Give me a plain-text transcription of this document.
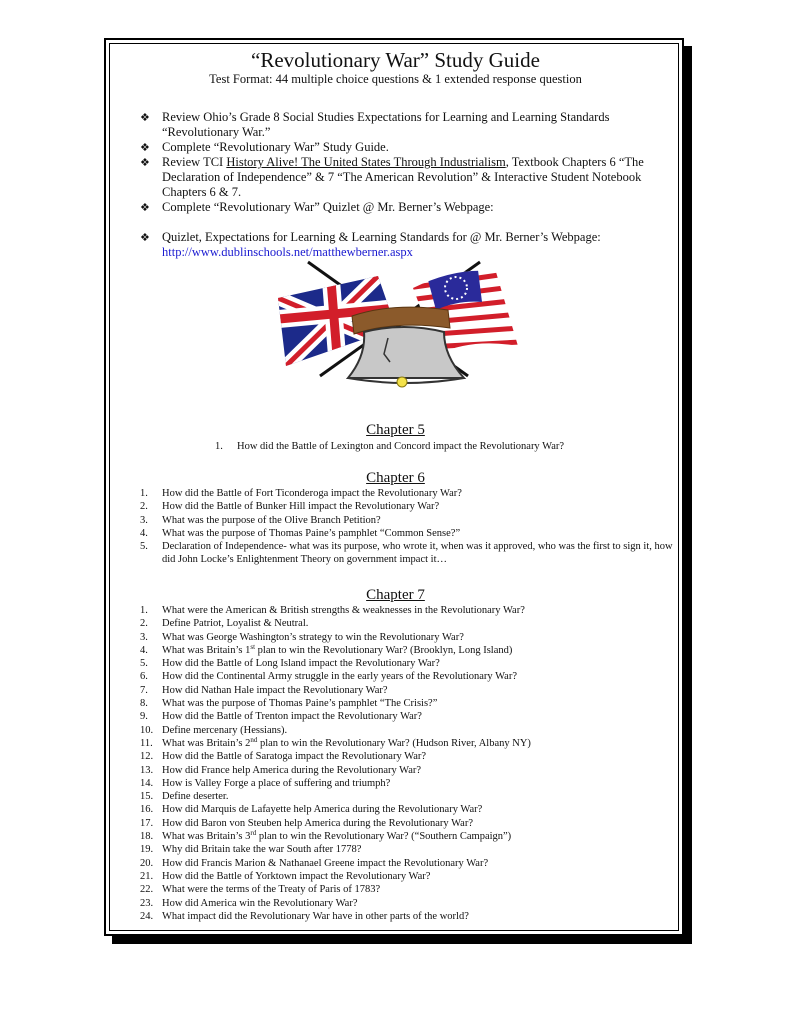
“Revolutionary War” Study Guide
Test Format: 44 multiple choice questions & 1 extended response question
❖ Review Ohio’s Grade 8 Social Studies Expectations for Learning and Learning Standards “Revolutionary War.”
❖ Complete “Revolutionary War” Study Guide.
❖ Review TCI History Alive! The United States Through Industrialism, Textbook Chapters 6 “The Declaration of Independence” & 7 “The American Revolution” & Interactive Student Notebook Chapters 6 & 7.
❖ Complete “Revolutionary War” Quizlet @ Mr. Berner’s Webpage:
❖ Quizlet, Expectations for Learning & Learning Standards for @ Mr. Berner’s Webpage:
http://www.dublinschools.net/matthewberner.aspx
Chapter 5
1.	How did the Battle of Lexington and Concord impact the Revolutionary War?
Chapter 6
1.	How did the Battle of Fort Ticonderoga impact the Revolutionary War?
2.	How did the Battle of Bunker Hill impact the Revolutionary War?
3.	What was the purpose of the Olive Branch Petition?
4.	What was the purpose of Thomas Paine’s pamphlet “Common Sense?”
5.	Declaration of Independence- what was its purpose, who wrote it, when was it approved, who was the first to sign it, how did John Locke’s Enlightenment Theory on government impact it…
Chapter 7
1.	What were the American & British strengths & weaknesses in the Revolutionary War?
2.	Define Patriot, Loyalist & Neutral.
3.	What was George Washington’s strategy to win the Revolutionary War?
4.	What was Britain’s 1st plan to win the Revolutionary War? (Brooklyn, Long Island)
5.	How did the Battle of Long Island impact the Revolutionary War?
6.	How did the Continental Army struggle in the early years of the Revolutionary War?
7.	How did Nathan Hale impact the Revolutionary War?
8.	What was the purpose of Thomas Paine’s pamphlet “The Crisis?”
9.	How did the Battle of Trenton impact the Revolutionary War?
10. Define mercenary (Hessians).
11. What was Britain’s 2nd plan to win the Revolutionary War? (Hudson River, Albany NY)
12. How did the Battle of Saratoga impact the Revolutionary War?
13. How did France help America during the Revolutionary War?
14. How is Valley Forge a place of suffering and triumph?
15. Define deserter.
16. How did Marquis de Lafayette help America during the Revolutionary War?
17. How did Baron von Steuben help America during the Revolutionary War?
18. What was Britain’s 3rd plan to win the Revolutionary War? (“Southern Campaign”)
19. Why did Britain take the war South after 1778?
20. How did Francis Marion & Nathanael Greene impact the Revolutionary War?
21. How did the Battle of Yorktown impact the Revolutionary War?
22. What were the terms of the Treaty of Paris of 1783?
23. How did America win the Revolutionary War?
24. What impact did the Revolutionary War have in other parts of the world?
